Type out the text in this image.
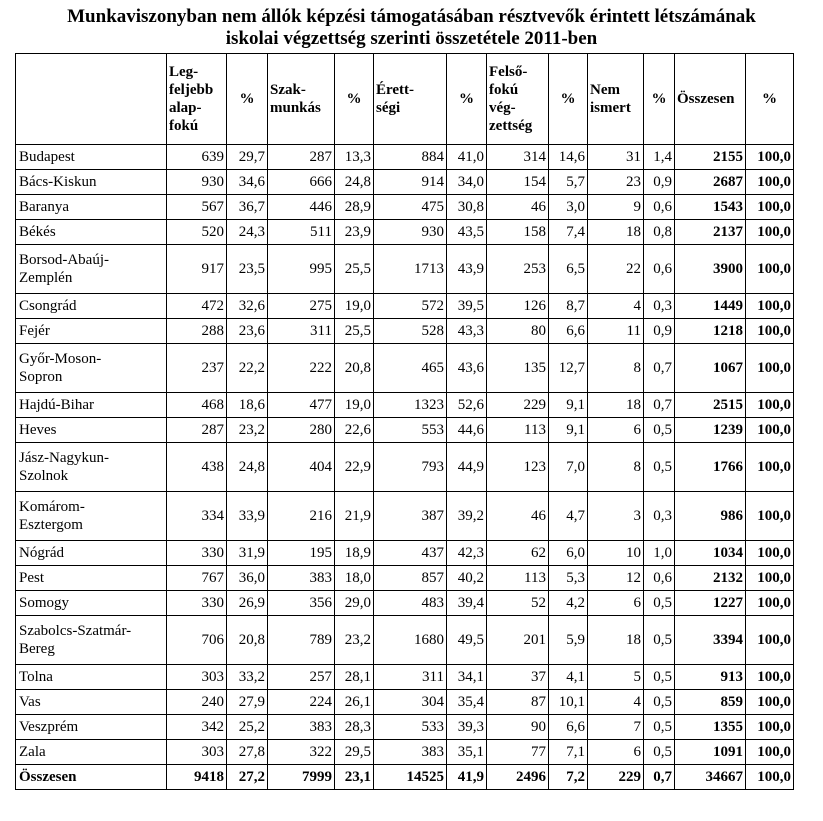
Munkaviszonyban nem állók képzési támogatásában résztvevők érintett létszámának
iskolai végzettség szerinti összetétele 2011-ben

	Leg-
feljebb
alap-
fokú	%	Szak-
munkás	%	Érett-
ségi	%	Felső-
fokú
vég-
zettség	%	Nem
ismert	%	Összesen	%

Budapest	639	29,7	287	13,3	884	41,0	314	14,6	31	1,4	2155	100,0

Bács-Kiskun	930	34,6	666	24,8	914	34,0	154	5,7	23	0,9	2687	100,0

Baranya	567	36,7	446	28,9	475	30,8	46	3,0	9	0,6	1543	100,0

Békés	520	24,3	511	23,9	930	43,5	158	7,4	18	0,8	2137	100,0

Borsod-Abaúj-
Zemplén	917	23,5	995	25,5	1713	43,9	253	6,5	22	0,6	3900	100,0

Csongrád	472	32,6	275	19,0	572	39,5	126	8,7	4	0,3	1449	100,0

Fejér	288	23,6	311	25,5	528	43,3	80	6,6	11	0,9	1218	100,0

Győr-Moson-
Sopron	237	22,2	222	20,8	465	43,6	135	12,7	8	0,7	1067	100,0

Hajdú-Bihar	468	18,6	477	19,0	1323	52,6	229	9,1	18	0,7	2515	100,0

Heves	287	23,2	280	22,6	553	44,6	113	9,1	6	0,5	1239	100,0

Jász-Nagykun-
Szolnok	438	24,8	404	22,9	793	44,9	123	7,0	8	0,5	1766	100,0

Komárom-
Esztergom	334	33,9	216	21,9	387	39,2	46	4,7	3	0,3	986	100,0

Nógrád	330	31,9	195	18,9	437	42,3	62	6,0	10	1,0	1034	100,0

Pest	767	36,0	383	18,0	857	40,2	113	5,3	12	0,6	2132	100,0

Somogy	330	26,9	356	29,0	483	39,4	52	4,2	6	0,5	1227	100,0

Szabolcs-Szatmár-
Bereg	706	20,8	789	23,2	1680	49,5	201	5,9	18	0,5	3394	100,0

Tolna	303	33,2	257	28,1	311	34,1	37	4,1	5	0,5	913	100,0

Vas	240	27,9	224	26,1	304	35,4	87	10,1	4	0,5	859	100,0

Veszprém	342	25,2	383	28,3	533	39,3	90	6,6	7	0,5	1355	100,0

Zala	303	27,8	322	29,5	383	35,1	77	7,1	6	0,5	1091	100,0

Összesen	9418	27,2	7999	23,1	14525	41,9	2496	7,2	229	0,7	34667	100,0
